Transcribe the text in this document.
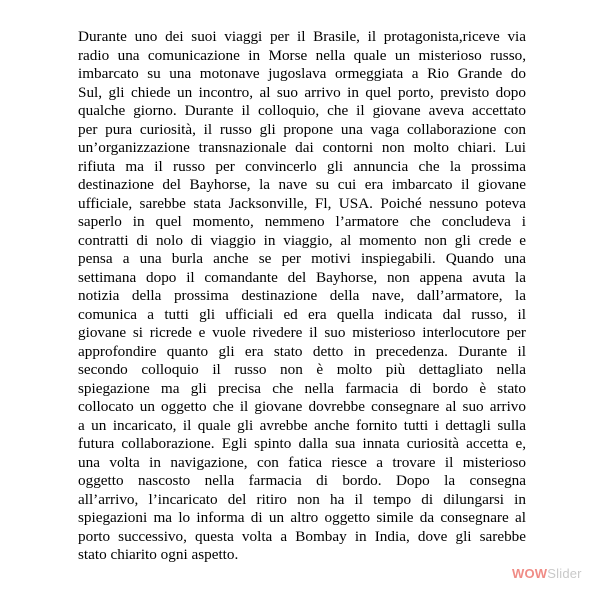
Durante uno dei suoi viaggi per il Brasile, il protagonista,riceve via
radio una comunicazione in Morse nella quale un misterioso russo,
imbarcato su una motonave jugoslava ormeggiata a Rio Grande do
Sul, gli chiede un incontro, al suo arrivo in quel porto, previsto dopo
qualche giorno. Durante il colloquio, che il giovane aveva accettato
per pura curiosità, il russo gli propone una vaga collaborazione con
un’organizzazione transnazionale dai contorni non molto chiari. Lui
rifiuta ma il russo per convincerlo gli annuncia che la prossima
destinazione del Bayhorse, la nave su cui era imbarcato il giovane
ufficiale, sarebbe stata Jacksonville, Fl, USA. Poiché nessuno poteva
saperlo in quel momento, nemmeno l’armatore che concludeva i
contratti di nolo di viaggio in viaggio, al momento non gli crede e
pensa a una burla anche se per motivi inspiegabili. Quando una
settimana dopo il comandante del Bayhorse, non appena avuta la
notizia della prossima destinazione della nave, dall’armatore, la
comunica a tutti gli ufficiali ed era quella indicata dal russo, il
giovane si ricrede e vuole rivedere il suo misterioso interlocutore per
approfondire quanto gli era stato detto in precedenza. Durante il
secondo colloquio il russo non è molto più dettagliato nella
spiegazione ma gli precisa che nella farmacia di bordo è stato
collocato un oggetto che il giovane dovrebbe consegnare al suo arrivo
a un incaricato, il quale gli avrebbe anche fornito tutti i dettagli sulla
futura collaborazione. Egli spinto dalla sua innata curiosità accetta e,
una volta in navigazione, con fatica riesce a trovare il misterioso
oggetto nascosto nella farmacia di bordo. Dopo la consegna
all’arrivo, l’incaricato del ritiro non ha il tempo di dilungarsi in
spiegazioni ma lo informa di un altro oggetto simile da consegnare al
porto successivo, questa volta a Bombay in India, dove gli sarebbe
stato chiarito ogni aspetto.
WOWSlider
